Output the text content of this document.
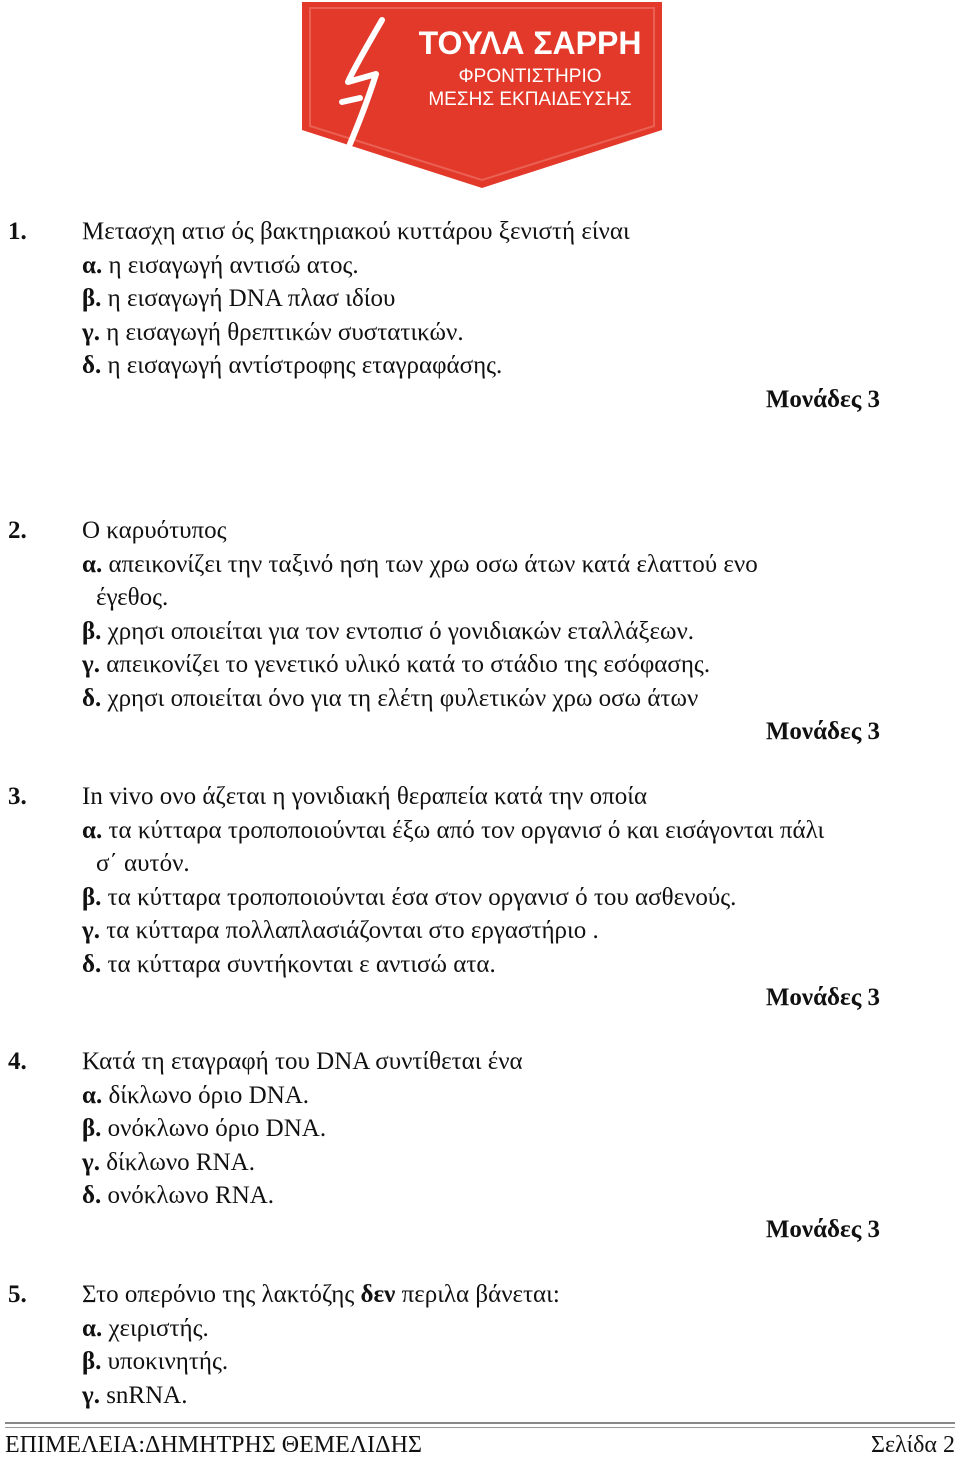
ΤΟΥΛΑ ΣΑΡΡΗ
ΦΡΟΝΤΙΣΤΗΡΙΟ
ΜΕΣΗΣ ΕΚΠΑΙΔΕΥΣΗΣ
1. Μετασχη ατισ ός βακτηριακού κυττάρου ξενιστή είναι
α. η εισαγωγή αντισώ ατος.
β. η εισαγωγή DNA πλασ ιδίου
γ. η εισαγωγή θρεπτικών συστατικών.
δ. η εισαγωγή αντίστροφης εταγραφάσης.
Μονάδες 3
2. Ο καρυότυπος
α. απεικονίζει την ταξινό ηση των χρω οσω άτων κατά ελαττού ενο
έγεθος.
β. χρησι οποιείται για τον εντοπισ ό γονιδιακών εταλλάξεων.
γ. απεικονίζει το γενετικό υλικό κατά το στάδιο της εσόφασης.
δ. χρησι οποιείται όνο για τη ελέτη φυλετικών χρω οσω άτων
Μονάδες 3
3. In vivo ονο άζεται η γονιδιακή θεραπεία κατά την οποία
α. τα κύτταρα τροποποιούνται έξω από τον οργανισ ό και εισάγονται πάλι
σ΄ αυτόν.
β. τα κύτταρα τροποποιούνται έσα στον οργανισ ό του ασθενούς.
γ. τα κύτταρα πολλαπλασιάζονται στο εργαστήριο .
δ. τα κύτταρα συντήκονται ε αντισώ ατα.
Μονάδες 3
4. Κατά τη εταγραφή του DNA συντίθεται ένα
α. δίκλωνο όριο DNA.
β. ονόκλωνο όριο DNA.
γ. δίκλωνο RNA.
δ. ονόκλωνο RNA.
Μονάδες 3
5. Στο οπερόνιο της λακτόζης δεν περιλα βάνεται:
α. χειριστής.
β. υποκινητής.
γ. snRNA.
ΕΠΙΜΕΛΕΙΑ:ΔΗΜΗΤΡΗΣ ΘΕΜΕΛΙΔΗΣ	Σελίδα 2
